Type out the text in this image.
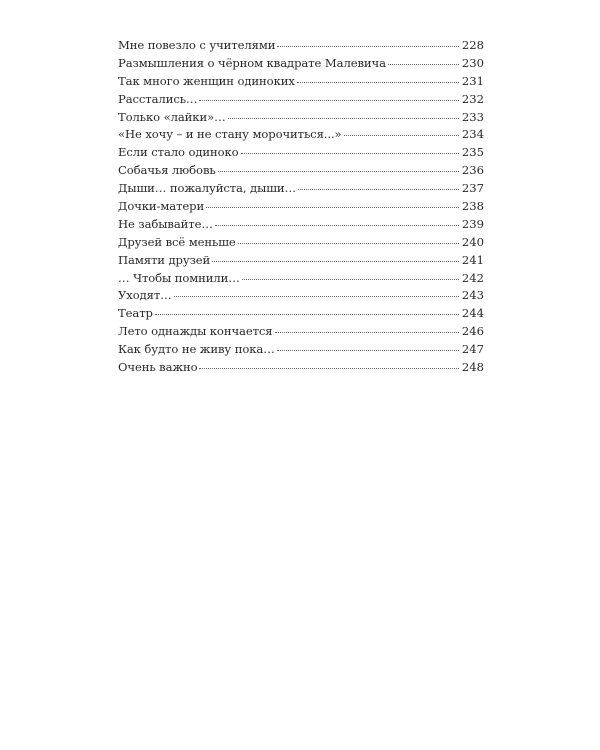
Мне повезло с учителями	228
Размышления о чёрном квадрате Малевича	230
Так много женщин одиноких	231
Расстались…	232
Только «лайки»…	233
«Не хочу – и не стану морочиться...»	234
Если стало одиноко	235
Собачья любовь	236
Дыши… пожалуйста, дыши…	237
Дочки-матери	238
Не забывайте…	239
Друзей всё меньше	240
Памяти друзей	241
… Чтобы помнили…	242
Уходят…	243
Театр	244
Лето однажды кончается	246
Как будто не живу пока…	247
Очень важно	248
